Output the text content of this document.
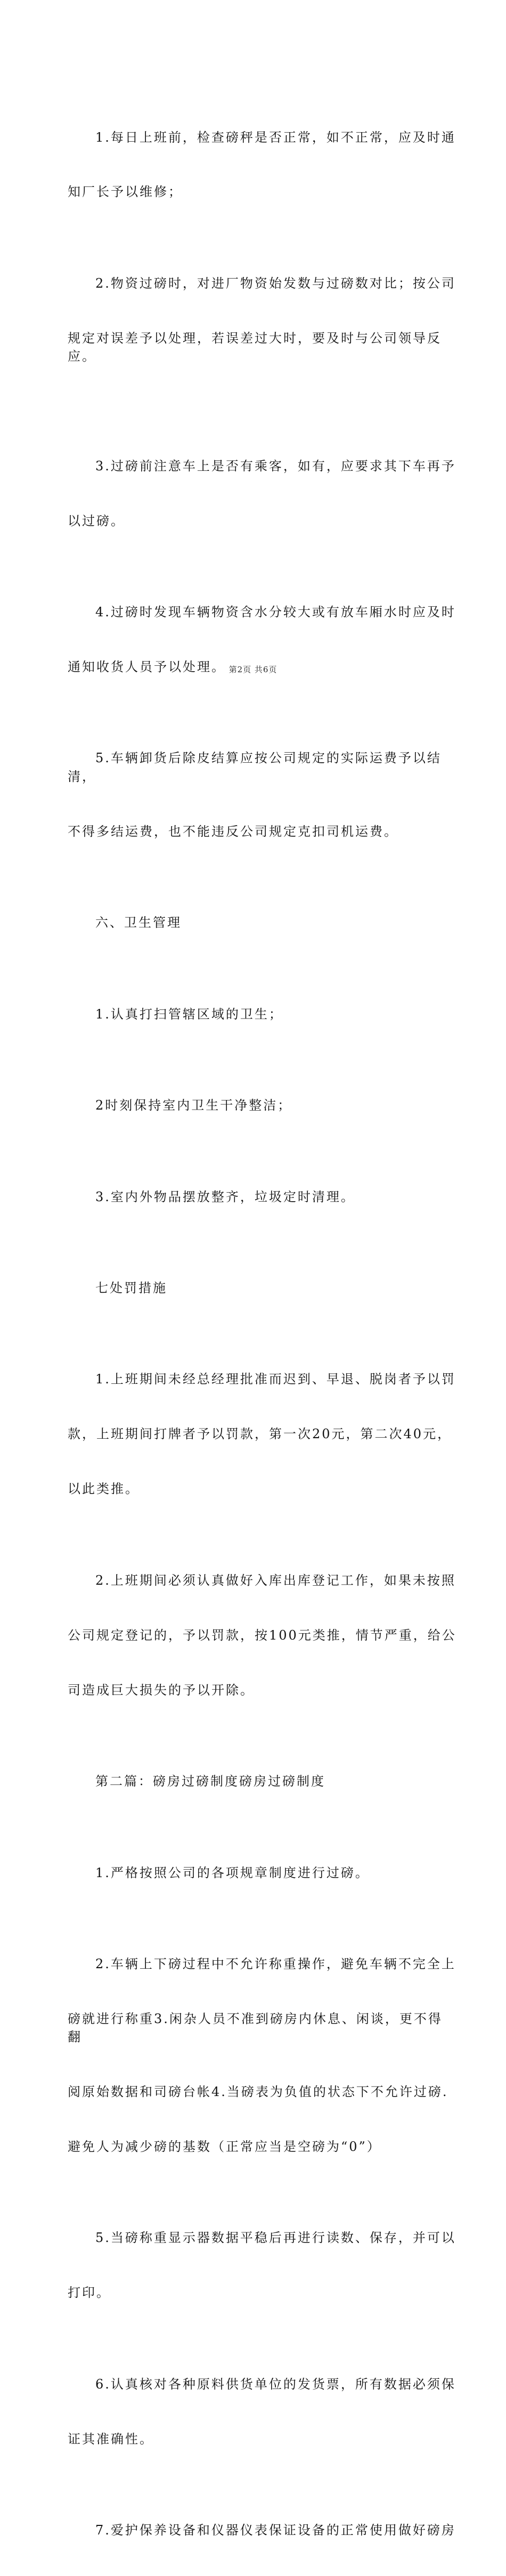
1.每日上班前，检查磅秤是否正常，如不正常，应及时通

知厂长予以维修；

2.物资过磅时，对进厂物资始发数与过磅数对比；按公司

规定对误差予以处理，若误差过大时，要及时与公司领导反应。

3.过磅前注意车上是否有乘客，如有，应要求其下车再予

以过磅。

4.过磅时发现车辆物资含水分较大或有放车厢水时应及时

通知收货人员予以处理。

5.车辆卸货后除皮结算应按公司规定的实际运费予以结清，

不得多结运费，也不能违反公司规定克扣司机运费。

六、卫生管理

1.认真打扫管辖区域的卫生；

2时刻保持室内卫生干净整洁；

3.室内外物品摆放整齐，垃圾定时清理。

七处罚措施

1.上班期间未经总经理批准而迟到、早退、脱岗者予以罚

款，上班期间打牌者予以罚款，第一次20元，第二次40元，

以此类推。

2.上班期间必须认真做好入库出库登记工作，如果未按照

公司规定登记的，予以罚款，按100元类推，情节严重，给公

司造成巨大损失的予以开除。

第二篇：磅房过磅制度磅房过磅制度

1.严格按照公司的各项规章制度进行过磅。

2.车辆上下磅过程中不允许称重操作，避免车辆不完全上

磅就进行称重3.闲杂人员不准到磅房内休息、闲谈，更不得翻

阅原始数据和司磅台帐4.当磅表为负值的状态下不允许过磅.

避免人为减少磅的基数（正常应当是空磅为“0”）

5.当磅称重显示器数据平稳后再进行读数、保存，并可以

打印。

6.认真核对各种原料供货单位的发货票，所有数据必须保

证其准确性。

7.爱护保养设备和仪器仪表保证设备的正常使用做好磅房

第2页 共6页
